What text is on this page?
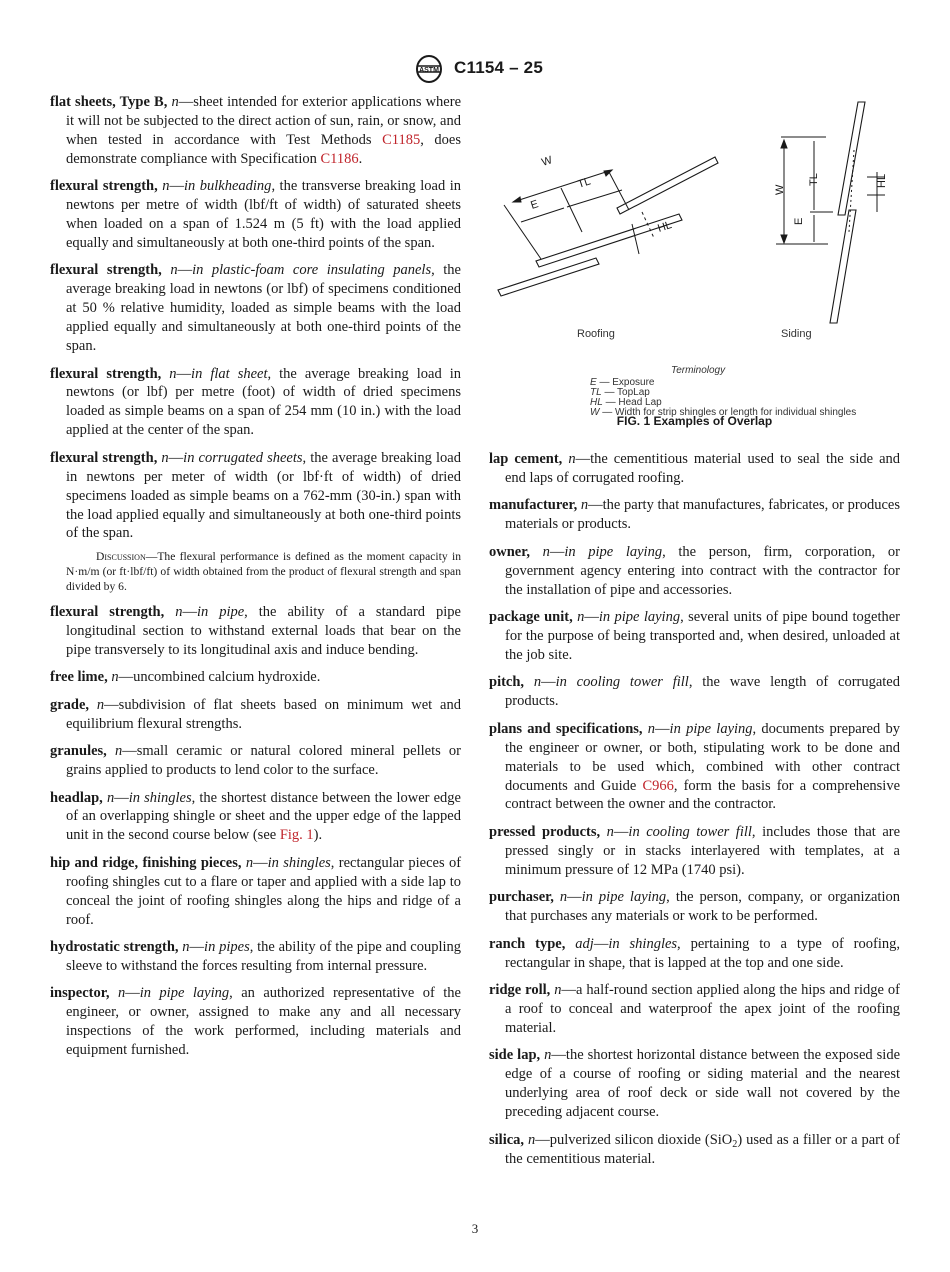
ASTM C1154 – 25

flat sheets, Type B, n—sheet intended for exterior applications where it will not be subjected to the direct action of sun, rain, or snow, and when tested in accordance with Test Methods C1185, does demonstrate compliance with Specification C1186.

flexural strength, n—in bulkheading, the transverse breaking load in newtons per metre of width (lbf/ft of width) of saturated sheets when loaded on a span of 1.524 m (5 ft) with the load applied equally and simultaneously at both one-third points of the span.

flexural strength, n—in plastic-foam core insulating panels, the average breaking load in newtons (or lbf) of specimens conditioned at 50 % relative humidity, loaded as simple beams with the load applied equally and simultaneously at both one-third points of the span.

flexural strength, n—in flat sheet, the average breaking load in newtons (or lbf) per metre (foot) of width of dried specimens loaded as simple beams on a span of 254 mm (10 in.) with the load applied at the center of the span.

flexural strength, n—in corrugated sheets, the average breaking load in newtons per meter of width (or lbf·ft of width) of dried specimens loaded as simple beams on a 762-mm (30-in.) span with the load applied equally and simultaneously at both one-third points of the span.

Discussion—The flexural performance is defined as the moment capacity in N·m/m (or ft·lbf/ft) of width obtained from the product of flexural strength and span divided by 6.

flexural strength, n—in pipe, the ability of a standard pipe longitudinal section to withstand external loads that bear on the pipe transversely to its longitudinal axis and induce bending.

free lime, n—uncombined calcium hydroxide.

grade, n—subdivision of flat sheets based on minimum wet and equilibrium flexural strengths.

granules, n—small ceramic or natural colored mineral pellets or grains applied to products to lend color to the surface.

headlap, n—in shingles, the shortest distance between the lower edge of an overlapping shingle or sheet and the upper edge of the lapped unit in the second course below (see Fig. 1).

hip and ridge, finishing pieces, n—in shingles, rectangular pieces of roofing shingles cut to a flare or taper and applied with a side lap to conceal the joint of roofing shingles along the hips and ridge of a roof.

hydrostatic strength, n—in pipes, the ability of the pipe and coupling sleeve to withstand the forces resulting from internal pressure.

inspector, n—in pipe laying, an authorized representative of the engineer, or owner, assigned to make any and all necessary inspections of the work performed, including materials and equipment furnished.

W
E
TL
HL
W
E
TL	HL
Roofing	Siding
Terminology
E — Exposure
TL — TopLap
HL — Head Lap
W — Width for strip shingles or length for individual shingles
FIG. 1 Examples of Overlap

lap cement, n—the cementitious material used to seal the side and end laps of corrugated roofing.

manufacturer, n—the party that manufactures, fabricates, or produces materials or products.

owner, n—in pipe laying, the person, firm, corporation, or government agency entering into contract with the contractor for the installation of pipe and accessories.

package unit, n—in pipe laying, several units of pipe bound together for the purpose of being transported and, when desired, unloaded at the job site.

pitch, n—in cooling tower fill, the wave length of corrugated products.

plans and specifications, n—in pipe laying, documents prepared by the engineer or owner, or both, stipulating work to be done and materials to be used which, combined with other contract documents and Guide C966, form the basis for a comprehensive contract between the owner and the contractor.

pressed products, n—in cooling tower fill, includes those that are pressed singly or in stacks interlayered with templates, at a minimum pressure of 12 MPa (1740 psi).

purchaser, n—in pipe laying, the person, company, or organization that purchases any materials or work to be performed.

ranch type, adj—in shingles, pertaining to a type of roofing, rectangular in shape, that is lapped at the top and one side.

ridge roll, n—a half-round section applied along the hips and ridge of a roof to conceal and waterproof the apex joint of the roofing material.

side lap, n—the shortest horizontal distance between the exposed side edge of a course of roofing or siding material and the nearest underlying area of roof deck or side wall not covered by the preceding adjacent course.

silica, n—pulverized silicon dioxide (SiO$_2$) used as a filler or a part of the cementitious material.

3
